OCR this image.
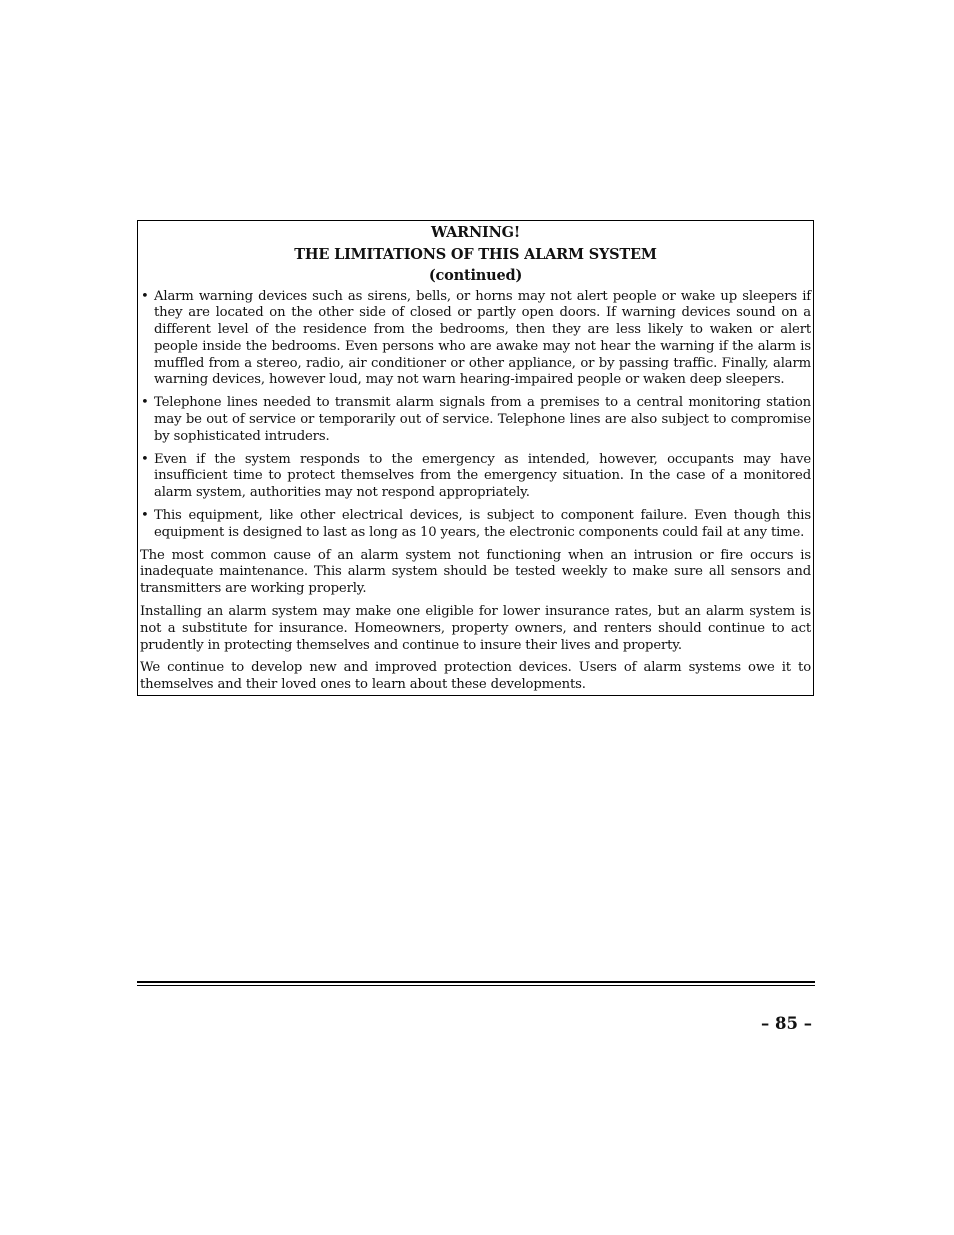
WARNING!
THE LIMITATIONS OF THIS ALARM SYSTEM
(continued)
• Alarm warning devices such as sirens, bells, or horns may not alert people or wake up sleepers if they are located on the other side of closed or partly open doors. If warning devices sound on a different level of the residence from the bedrooms, then they are less likely to waken or alert people inside the bedrooms. Even persons who are awake may not hear the warning if the alarm is muffled from a stereo, radio, air conditioner or other appliance, or by passing traffic. Finally, alarm warning devices, however loud, may not warn hearing-impaired people or waken deep sleepers.
• Telephone lines needed to transmit alarm signals from a premises to a central monitoring station may be out of service or temporarily out of service. Telephone lines are also subject to compromise by sophisticated intruders.
• Even if the system responds to the emergency as intended, however, occupants may have insufficient time to protect themselves from the emergency situation. In the case of a monitored alarm system, authorities may not respond appropriately.
• This equipment, like other electrical devices, is subject to component failure. Even though this equipment is designed to last as long as 10 years, the electronic components could fail at any time.

The most common cause of an alarm system not functioning when an intrusion or fire occurs is inadequate maintenance. This alarm system should be tested weekly to make sure all sensors and transmitters are working properly.

Installing an alarm system may make one eligible for lower insurance rates, but an alarm system is not a substitute for insurance. Homeowners, property owners, and renters should continue to act prudently in protecting themselves and continue to insure their lives and property.

We continue to develop new and improved protection devices. Users of alarm systems owe it to themselves and their loved ones to learn about these developments.

– 85 –
